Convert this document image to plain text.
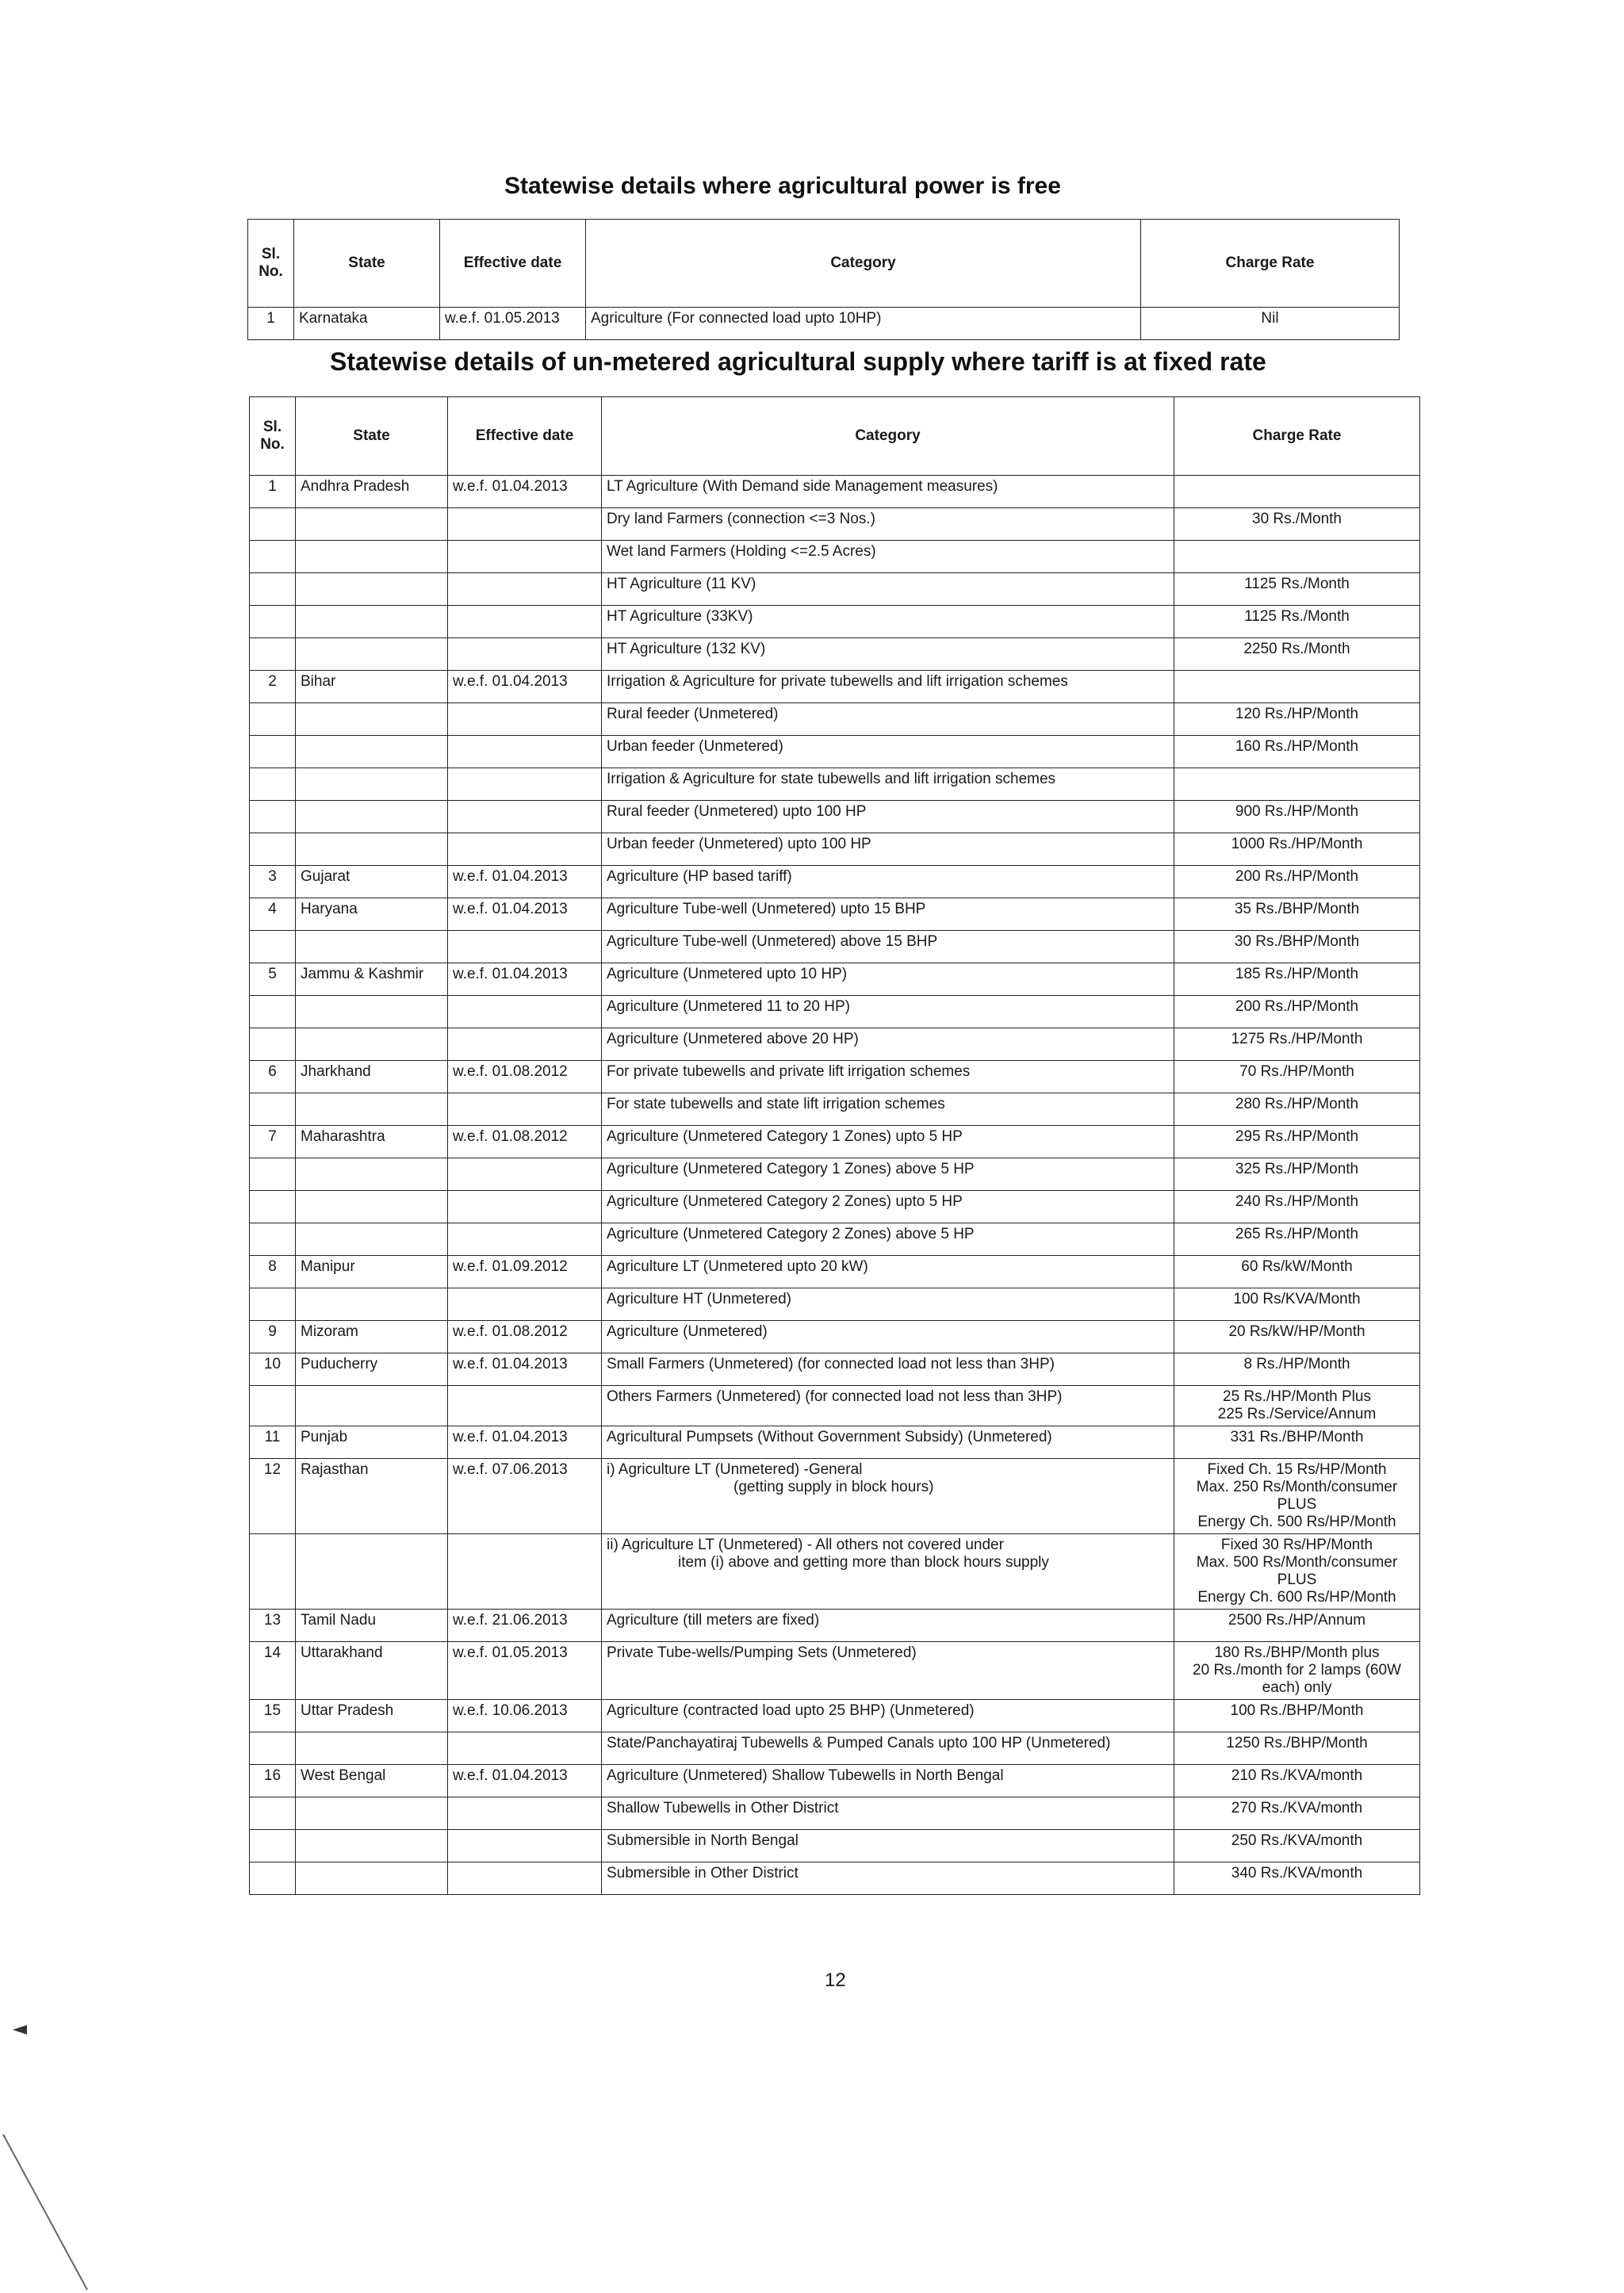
Statewise details where agricultural power is free
Sl. No.	State	Effective date	Category	Charge Rate
1	Karnataka	w.e.f. 01.05.2013	Agriculture (For connected load upto 10HP)	Nil
Statewise details of un-metered agricultural supply where tariff is at fixed rate
Sl. No.	State	Effective date	Category	Charge Rate
1	Andhra Pradesh	w.e.f. 01.04.2013	LT Agriculture (With Demand side Management measures)	
			Dry land Farmers (connection <=3 Nos.)	30 Rs./Month
			Wet land Farmers (Holding <=2.5 Acres)	
			HT Agriculture (11 KV)	1125 Rs./Month
			HT Agriculture (33KV)	1125 Rs./Month
			HT Agriculture (132 KV)	2250 Rs./Month
2	Bihar	w.e.f. 01.04.2013	Irrigation & Agriculture for private tubewells and lift irrigation schemes	
			Rural feeder (Unmetered)	120 Rs./HP/Month
			Urban feeder (Unmetered)	160 Rs./HP/Month
			Irrigation & Agriculture for state tubewells and lift irrigation schemes	
			Rural feeder (Unmetered) upto 100 HP	900 Rs./HP/Month
			Urban feeder (Unmetered) upto 100 HP	1000 Rs./HP/Month
3	Gujarat	w.e.f. 01.04.2013	Agriculture (HP based tariff)	200 Rs./HP/Month
4	Haryana	w.e.f. 01.04.2013	Agriculture Tube-well (Unmetered) upto 15 BHP	35 Rs./BHP/Month
			Agriculture Tube-well (Unmetered) above 15 BHP	30 Rs./BHP/Month
5	Jammu & Kashmir	w.e.f. 01.04.2013	Agriculture (Unmetered upto 10 HP)	185 Rs./HP/Month
			Agriculture (Unmetered 11 to 20 HP)	200 Rs./HP/Month
			Agriculture (Unmetered above 20 HP)	1275 Rs./HP/Month
6	Jharkhand	w.e.f. 01.08.2012	For private tubewells and private lift irrigation schemes	70 Rs./HP/Month
			For state tubewells and state lift irrigation schemes	280 Rs./HP/Month
7	Maharashtra	w.e.f. 01.08.2012	Agriculture (Unmetered Category 1 Zones) upto 5 HP	295 Rs./HP/Month
			Agriculture (Unmetered Category 1 Zones) above 5 HP	325 Rs./HP/Month
			Agriculture (Unmetered Category 2 Zones) upto 5 HP	240 Rs./HP/Month
			Agriculture (Unmetered Category 2 Zones) above 5 HP	265 Rs./HP/Month
8	Manipur	w.e.f. 01.09.2012	Agriculture LT (Unmetered upto 20 kW)	60 Rs/kW/Month
			Agriculture HT (Unmetered)	100 Rs/KVA/Month
9	Mizoram	w.e.f. 01.08.2012	Agriculture (Unmetered)	20 Rs/kW/HP/Month
10	Puducherry	w.e.f. 01.04.2013	Small Farmers (Unmetered) (for connected load not less than 3HP)	8 Rs./HP/Month
			Others Farmers (Unmetered) (for connected load not less than 3HP)	25 Rs./HP/Month Plus
225 Rs./Service/Annum

11	Punjab	w.e.f. 01.04.2013	Agricultural Pumpsets (Without Government Subsidy) (Unmetered)	331 Rs./BHP/Month
12	Rajasthan	w.e.f. 07.06.2013	i) Agriculture LT (Unmetered) -General
(getting supply in block hours)	Fixed Ch. 15 Rs/HP/Month
Max. 250 Rs/Month/consumer
PLUS
Energy Ch. 500 Rs/HP/Month

			ii) Agriculture LT (Unmetered) - All others not covered under
item (i) above and getting more than block hours supply	Fixed 30 Rs/HP/Month
Max. 500 Rs/Month/consumer
PLUS
Energy Ch. 600 Rs/HP/Month

13	Tamil Nadu	w.e.f. 21.06.2013	Agriculture (till meters are fixed)	2500 Rs./HP/Annum
14	Uttarakhand	w.e.f. 01.05.2013	Private Tube-wells/Pumping Sets (Unmetered)	180 Rs./BHP/Month plus
20 Rs./month for 2 lamps (60W
each) only

15	Uttar Pradesh	w.e.f. 10.06.2013	Agriculture (contracted load upto 25 BHP) (Unmetered)	100 Rs./BHP/Month
			State/Panchayatiraj Tubewells & Pumped Canals upto 100 HP (Unmetered)	1250 Rs./BHP/Month
16	West Bengal	w.e.f. 01.04.2013	Agriculture (Unmetered) Shallow Tubewells in North Bengal	210 Rs./KVA/month
			Shallow Tubewells in Other District	270 Rs./KVA/month
			Submersible in North Bengal	250 Rs./KVA/month
			Submersible in Other District	340 Rs./KVA/month
12
